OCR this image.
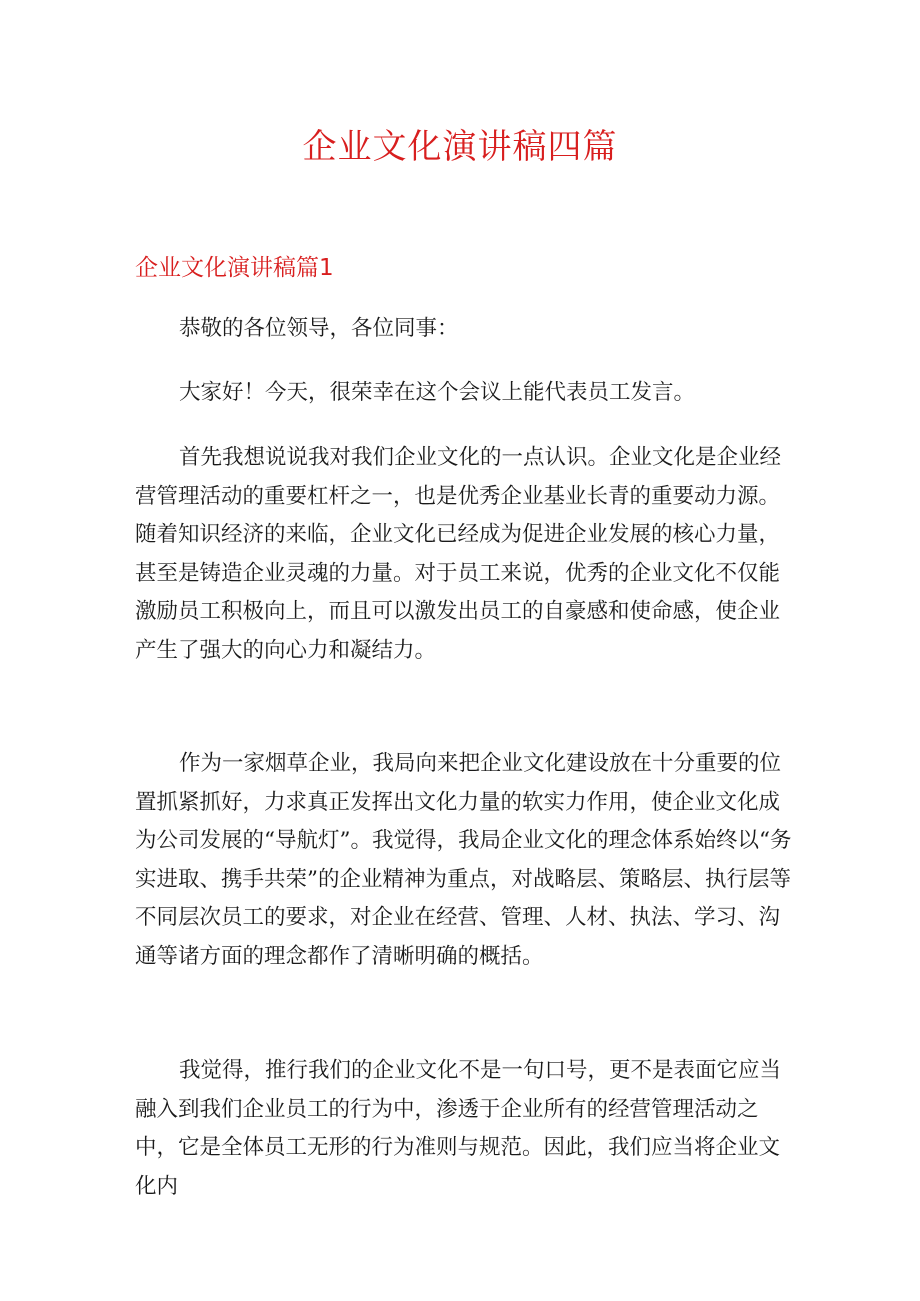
企业文化演讲稿四篇
企业文化演讲稿篇1

恭敬的各位领导，各位同事：

大家好！今天，很荣幸在这个会议上能代表员工发言。

首先我想说说我对我们企业文化的一点认识。企业文化是企业经营管理活动的重要杠杆之一，也是优秀企业基业长青的重要动力源。随着知识经济的来临，企业文化已经成为促进企业发展的核心力量，甚至是铸造企业灵魂的力量。对于员工来说，优秀的企业文化不仅能激励员工积极向上，而且可以激发出员工的自豪感和使命感，使企业产生了强大的向心力和凝结力。

作为一家烟草企业，我局向来把企业文化建设放在十分重要的位置抓紧抓好，力求真正发挥出文化力量的软实力作用，使企业文化成为公司发展的“导航灯”。我觉得，我局企业文化的理念体系始终以“务实进取、携手共荣”的企业精神为重点，对战略层、策略层、执行层等不同层次员工的要求，对企业在经营、管理、人材、执法、学习、沟通等诸方面的理念都作了清晰明确的概括。

我觉得，推行我们的企业文化不是一句口号，更不是表面它应当融入到我们企业员工的行为中，渗透于企业所有的经营管理活动之中，它是全体员工无形的行为准则与规范。因此，我们应当将企业文化内
